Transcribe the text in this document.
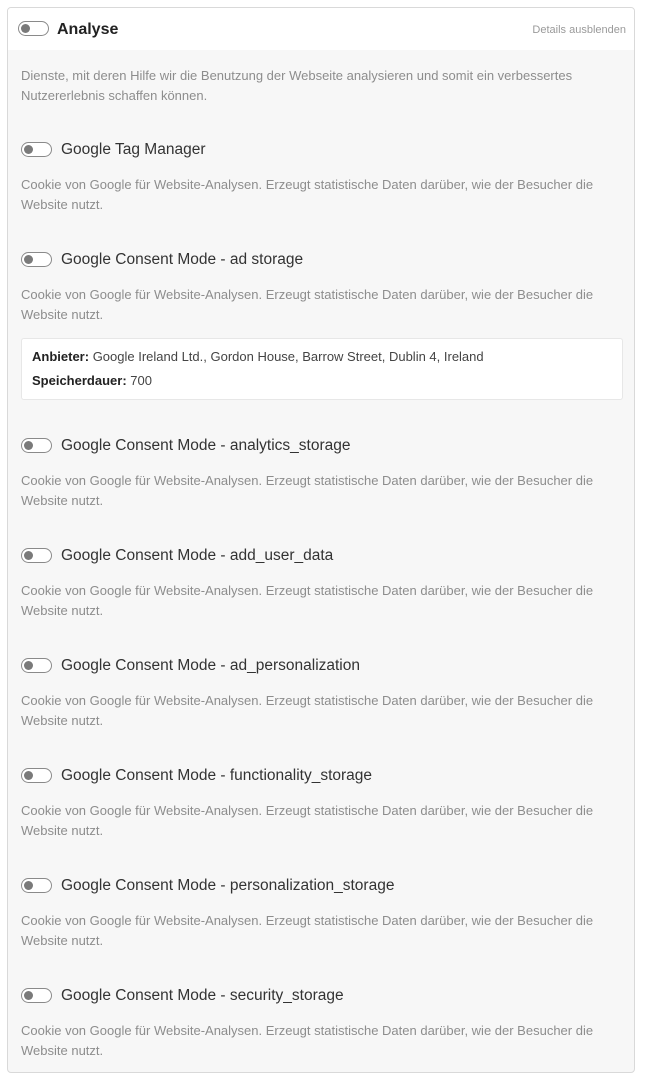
Analyse	Details ausblenden

Dienste, mit deren Hilfe wir die Benutzung der Webseite analysieren und somit ein verbessertes Nutzererlebnis schaffen können.

Google Tag Manager

Cookie von Google für Website-Analysen. Erzeugt statistische Daten darüber, wie der Besucher die Website nutzt.

Google Consent Mode - ad storage

Cookie von Google für Website-Analysen. Erzeugt statistische Daten darüber, wie der Besucher die Website nutzt.

Anbieter: Google Ireland Ltd., Gordon House, Barrow Street, Dublin 4, Ireland
Speicherdauer: 700
Google Consent Mode - analytics_storage

Cookie von Google für Website-Analysen. Erzeugt statistische Daten darüber, wie der Besucher die Website nutzt.

Google Consent Mode - add_user_data

Cookie von Google für Website-Analysen. Erzeugt statistische Daten darüber, wie der Besucher die Website nutzt.

Google Consent Mode - ad_personalization

Cookie von Google für Website-Analysen. Erzeugt statistische Daten darüber, wie der Besucher die Website nutzt.

Google Consent Mode - functionality_storage

Cookie von Google für Website-Analysen. Erzeugt statistische Daten darüber, wie der Besucher die Website nutzt.

Google Consent Mode - personalization_storage

Cookie von Google für Website-Analysen. Erzeugt statistische Daten darüber, wie der Besucher die Website nutzt.

Google Consent Mode - security_storage

Cookie von Google für Website-Analysen. Erzeugt statistische Daten darüber, wie der Besucher die Website nutzt.
